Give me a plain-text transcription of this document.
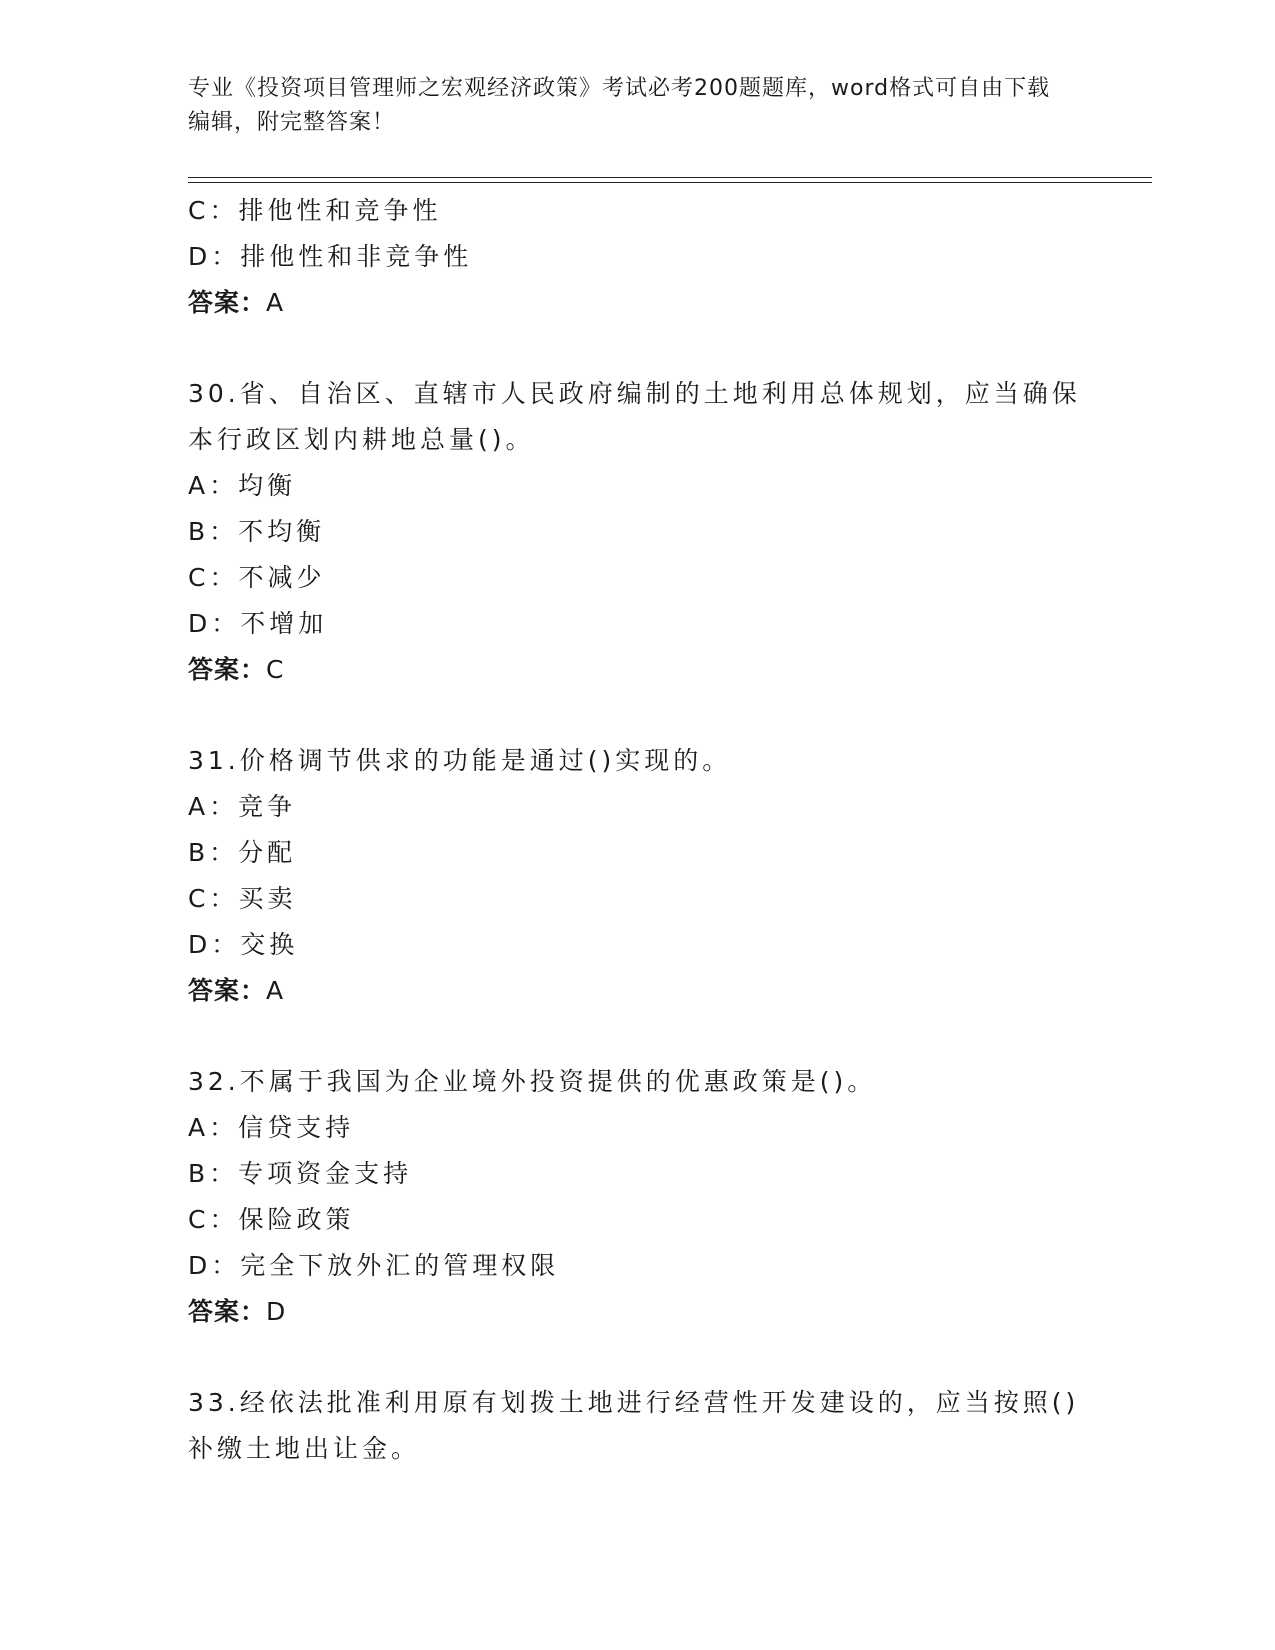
专业《投资项目管理师之宏观经济政策》考试必考200题题库，word格式可自由下载编辑，附完整答案！
C：排他性和竞争性
D：排他性和非竞争性
答案：A
30.省、自治区、直辖市人民政府编制的土地利用总体规划，应当确保本行政区划内耕地总量()。
A：均衡
B：不均衡
C：不减少
D：不增加
答案：C
31.价格调节供求的功能是通过()实现的。
A：竞争
B：分配
C：买卖
D：交换
答案：A
32.不属于我国为企业境外投资提供的优惠政策是()。
A：信贷支持
B：专项资金支持
C：保险政策
D：完全下放外汇的管理权限
答案：D
33.经依法批准利用原有划拨土地进行经营性开发建设的，应当按照()补缴土地出让金。
